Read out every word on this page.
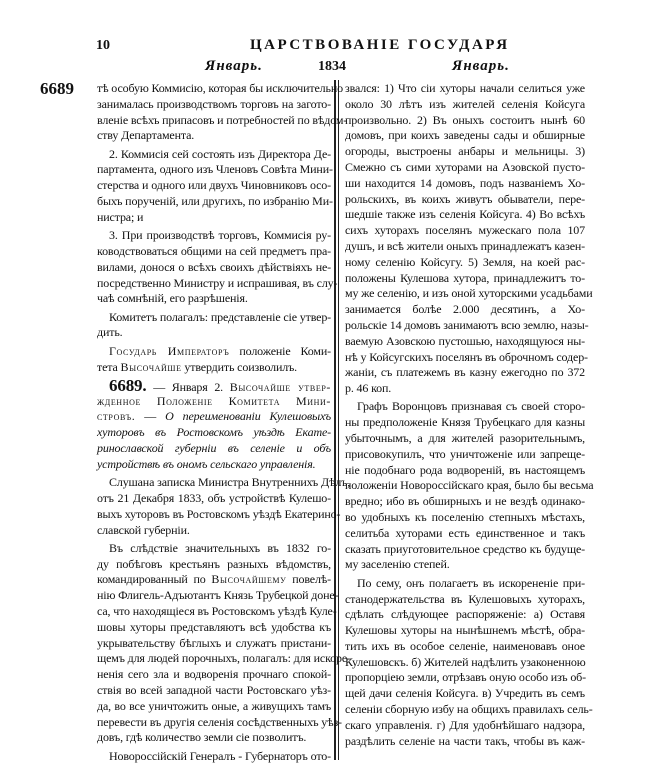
10	ЦАРСТВОВАНІЕ ГОСУДАРЯ
Январь.	1834	Январь.
6689 тѣ особую Коммисію, которая бы исключительно
занималась производствомъ торговъ на загото-
вленіе всѣхъ припасовъ и потребностей по вѣдом-
ству Департамента.
2. Коммисія сей состоять изъ Директора Де-
партамента, одного изъ Членовъ Совѣта Мини-
стерства и одного или двухъ Чиновниковъ осо-
быхъ порученій, или другихъ, по избранію Ми-
нистра; и
3. При производствѣ торговъ, Коммисія ру-
ководствоваться общими на сей предметъ пра-
вилами, донося о всѣхъ своихъ дѣйствіяхъ не-
посредственно Министру и испрашивая, въ слу-
чаѣ сомнѣній, его разрѣшенія.
Комитетъ полагалъ: представленіе сіе утвер-
дить.
Государь Императоръ положеніе Коми-
тета Высочайше утвердить соизволилъ.
6689. — Января 2. Высочайше утвер-
жденное Положеніе Комитета Мини-
стровъ. — О переименованіи Кулешовыхъ
хуторовъ въ Ростовскомъ уѣздѣ Екате-
ринославской губерніи въ селеніе и объ
устройствѣ въ ономъ сельскаго управленія.
Слушана записка Министра Внутреннихъ Дѣлъ,
отъ 21 Декабря 1833, объ устройствѣ Кулешо-
выхъ хуторовъ въ Ростовскомъ уѣздѣ Екатерино-
славской губерніи.
Въ слѣдствіе значительныхъ въ 1832 го-
ду побѣговъ крестьянъ разныхъ вѣдомствъ,
командированный по Высочайшему повелѣ-
нію Флигель-Адъютантъ Князь Трубецкой доне-
са, что находящіеся въ Ростовскомъ уѣздѣ Куле-
шовы хуторы представляютъ всѣ удобства къ
укрывательству бѣглыхъ и служатъ пристани-
щемъ для людей порочныхъ, полагалъ: для искоре-
ненія сего зла и водворенія прочнаго спокой-
ствія во всей западной части Ростовскаго уѣз-
да, во все уничтожить оные, а живущихъ тамъ
перевести въ другія селенія сосѣдственныхъ уѣз-
довъ, гдѣ количество земли сіе позволитъ.
Новороссійскій Генералъ - Губернаторъ ото-
звался: 1) Что сіи хуторы начали селиться уже
около 30 лѣтъ изъ жителей селенія Койсуга
произвольно. 2) Въ оныхъ состоитъ нынѣ 60
домовъ, при коихъ заведены сады и обширные
огороды, выстроены анбары и мельницы. 3)
Смежно съ сими хуторами на Азовской пусто-
ши находится 14 домовъ, подъ названіемъ Хо-
рольскихъ, въ коихъ живутъ обыватели, пере-
шедшіе также изъ селенія Койсуга. 4) Во всѣхъ
сихъ хуторахъ поселянъ мужескаго пола 107
душъ, и всѣ жители оныхъ принадлежатъ казен-
ному селенію Койсугу. 5) Земля, на коей рас-
положены Кулешова хутора, принадлежитъ то-
му же селенію, и изъ оной хуторскими усадьбами
занимается болѣе 2.000 десятинъ, а Хо-
рольскіе 14 домовъ занимаютъ всю землю, назы-
ваемую Азовскою пустошью, находящуюся ны-
нѣ у Койсугскихъ поселянъ въ оброчномъ содер-
жаніи, съ платежемъ въ казну ежегодно по 372
р. 46 коп.
Графъ Воронцовъ признавая съ своей сторо-
ны предположеніе Князя Трубецкаго для казны
убыточнымъ, а для жителей разорительнымъ,
присовокупилъ, что уничтоженіе или запреще-
ніе подобнаго рода водвореній, въ настоящемъ
положеніи Новороссійскаго края, было бы весьма
вредно; ибо въ обширныхъ и не вездѣ одинако-
во удобныхъ къ поселенію степныхъ мѣстахъ,
селитьба хуторами есть единственное и такъ
сказать приуготовительное средство къ будуще-
му заселенію степей.
По сему, онъ полагаетъ въ искорененіе при-
станодержательства въ Кулешовыхъ хуторахъ,
сдѣлать слѣдующее распоряженіе: а) Оставя
Кулешовы хуторы на нынѣшнемъ мѣстѣ, обра-
тить ихъ въ особое селеніе, наименовавъ оное
Кулешовскъ. б) Жителей надѣлить узаконенною
пропорціею земли, отрѣзавъ оную особо изъ об-
щей дачи селенія Койсуга. в) Учредить въ семъ
селеніи сборную избу на общихъ правилахъ сель-
скаго управленія. г) Для удобнѣйшаго надзора,
раздѣлить селеніе на части такъ, чтобы въ каж-
